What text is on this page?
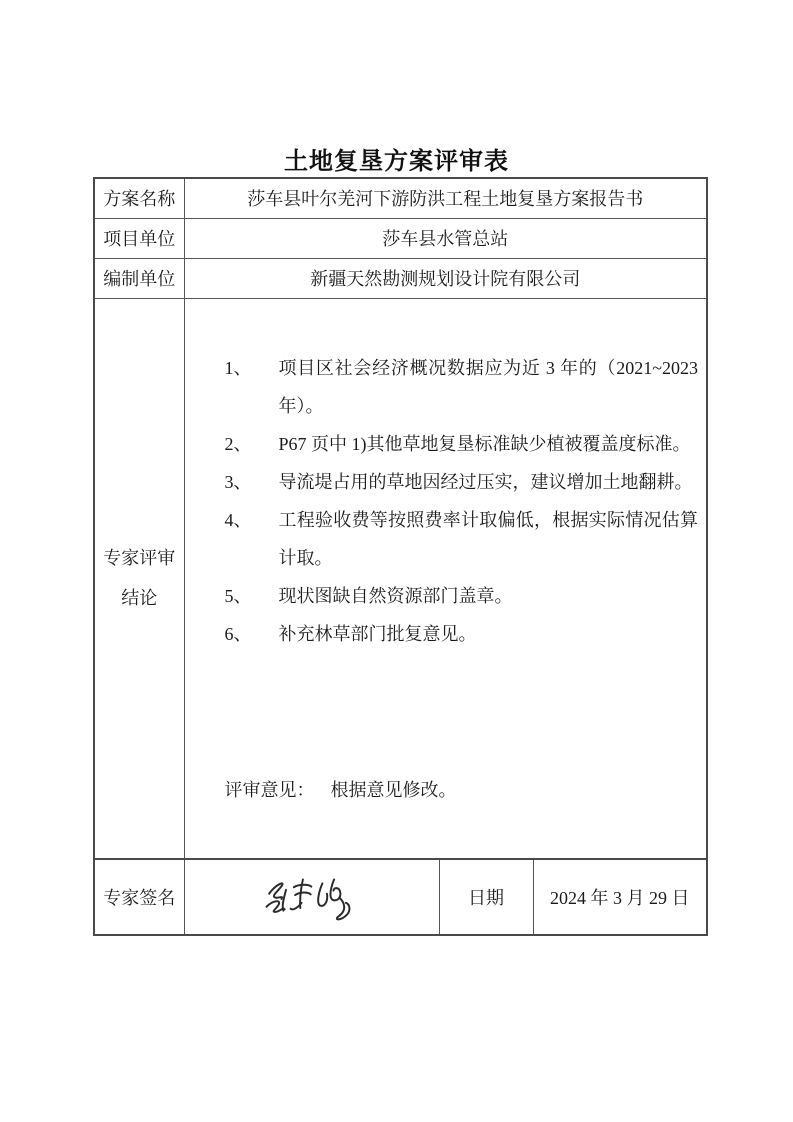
土地复垦方案评审表
方案名称	莎车县叶尔羌河下游防洪工程土地复垦方案报告书		
项目单位	莎车县水管总站		
编制单位	新疆天然勘测规划设计院有限公司		

专家评审
结论

1、	项目区社会经济概况数据应为近 3 年的（2021~2023 年）。
2、	P67 页中 1)其他草地复垦标准缺少植被覆盖度标准。
3、	导流堤占用的草地因经过压实，建议增加土地翻耕。
4、	工程验收费等按照费率计取偏低，根据实际情况估算计取。
5、	现状图缺自然资源部门盖章。
6、	补充林草部门批复意见。
评审意见： 根据意见修改。

专家签名		日期	2024 年 3 月 29 日
